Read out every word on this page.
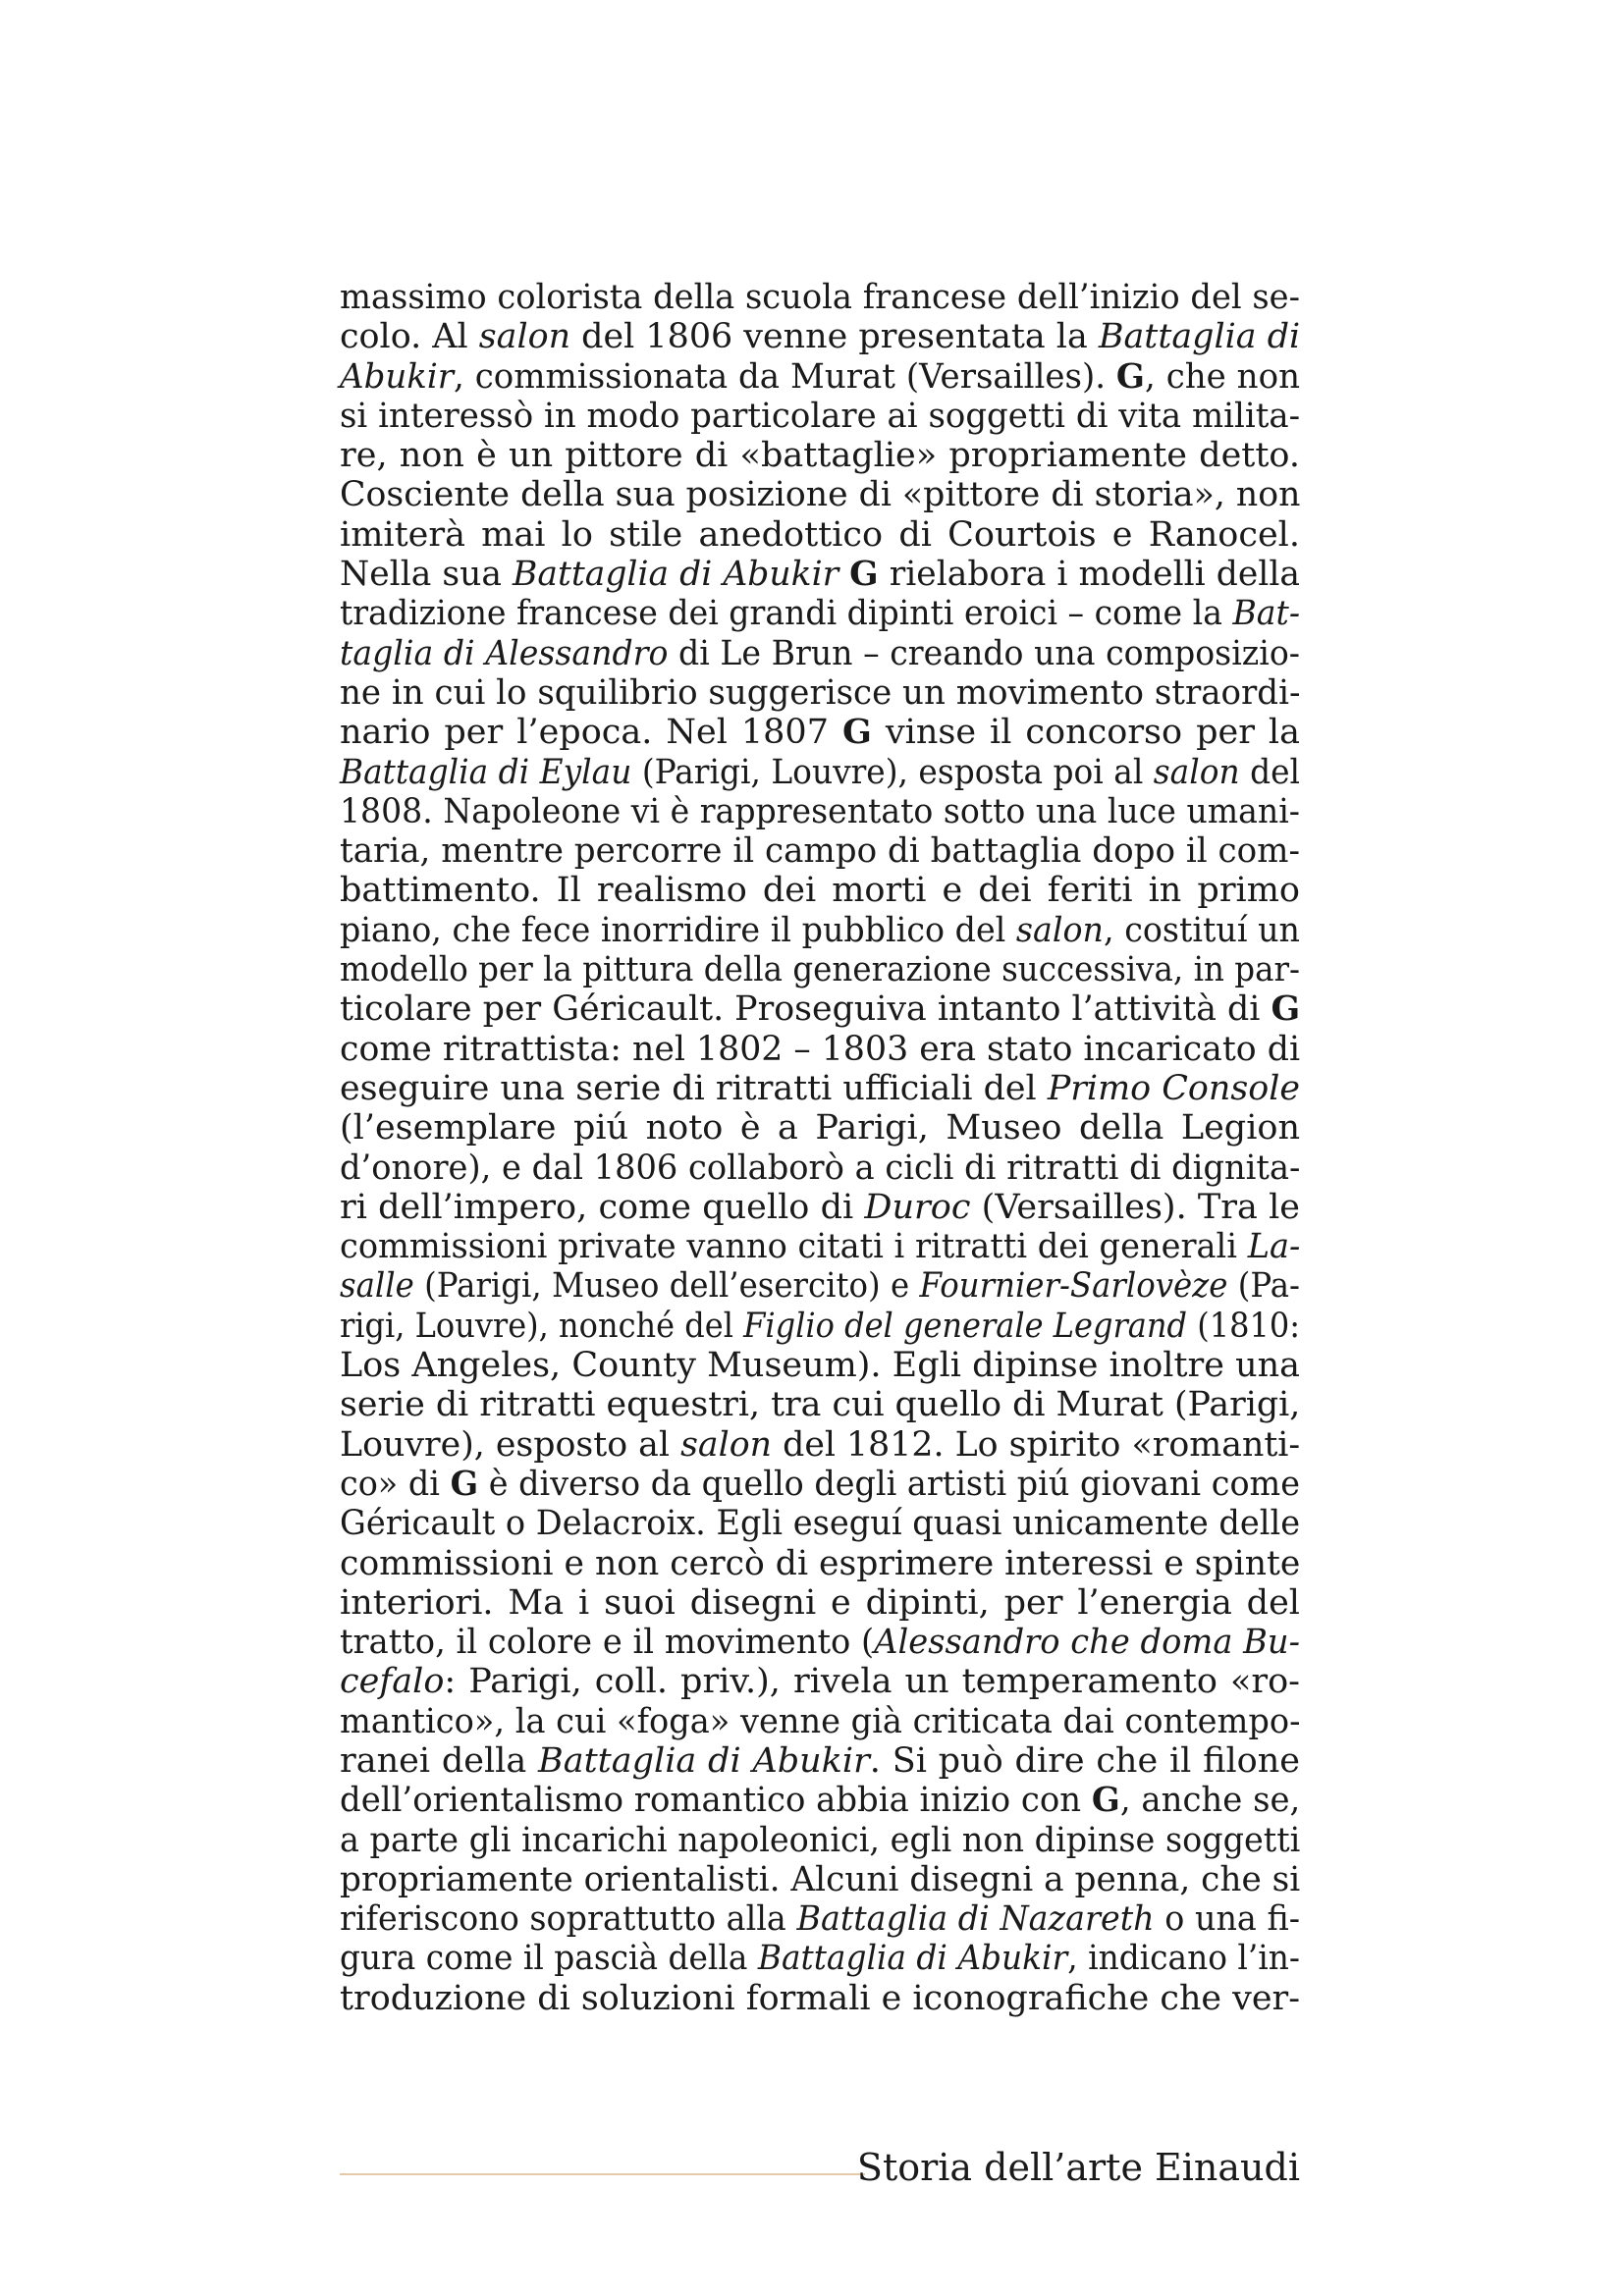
massimo colorista della scuola francese dell’inizio del se-
colo. Al salon del 1806 venne presentata la Battaglia di
Abukir, commissionata da Murat (Versailles). G, che non
si interessò in modo particolare ai soggetti di vita milita-
re, non è un pittore di «battaglie» propriamente detto.
Cosciente della sua posizione di «pittore di storia», non
imiterà mai lo stile anedottico di Courtois e Ranocel.
Nella sua Battaglia di Abukir G rielabora i modelli della
tradizione francese dei grandi dipinti eroici – come la Bat-
taglia di Alessandro di Le Brun – creando una composizio-
ne in cui lo squilibrio suggerisce un movimento straordi-
nario per l’epoca. Nel 1807 G vinse il concorso per la
Battaglia di Eylau (Parigi, Louvre), esposta poi al salon del
1808. Napoleone vi è rappresentato sotto una luce umani-
taria, mentre percorre il campo di battaglia dopo il com-
battimento. Il realismo dei morti e dei feriti in primo
piano, che fece inorridire il pubblico del salon, costituí un
modello per la pittura della generazione successiva, in par-
ticolare per Géricault. Proseguiva intanto l’attività di G
come ritrattista: nel 1802 – 1803 era stato incaricato di
eseguire una serie di ritratti ufficiali del Primo Console
(l’esemplare piú noto è a Parigi, Museo della Legion
d’onore), e dal 1806 collaborò a cicli di ritratti di dignita-
ri dell’impero, come quello di Duroc (Versailles). Tra le
commissioni private vanno citati i ritratti dei generali La-
salle (Parigi, Museo dell’esercito) e Fournier-Sarlovèze (Pa-
rigi, Louvre), nonché del Figlio del generale Legrand (1810:
Los Angeles, County Museum). Egli dipinse inoltre una
serie di ritratti equestri, tra cui quello di Murat (Parigi,
Louvre), esposto al salon del 1812. Lo spirito «romanti-
co» di G è diverso da quello degli artisti piú giovani come
Géricault o Delacroix. Egli eseguí quasi unicamente delle
commissioni e non cercò di esprimere interessi e spinte
interiori. Ma i suoi disegni e dipinti, per l’energia del
tratto, il colore e il movimento (Alessandro che doma Bu-
cefalo: Parigi, coll. priv.), rivela un temperamento «ro-
mantico», la cui «foga» venne già criticata dai contempo-
ranei della Battaglia di Abukir. Si può dire che il filone
dell’orientalismo romantico abbia inizio con G, anche se,
a parte gli incarichi napoleonici, egli non dipinse soggetti
propriamente orientalisti. Alcuni disegni a penna, che si
riferiscono soprattutto alla Battaglia di Nazareth o una fi-
gura come il pascià della Battaglia di Abukir, indicano l’in-
troduzione di soluzioni formali e iconografiche che ver-
Storia dell’arte Einaudi
